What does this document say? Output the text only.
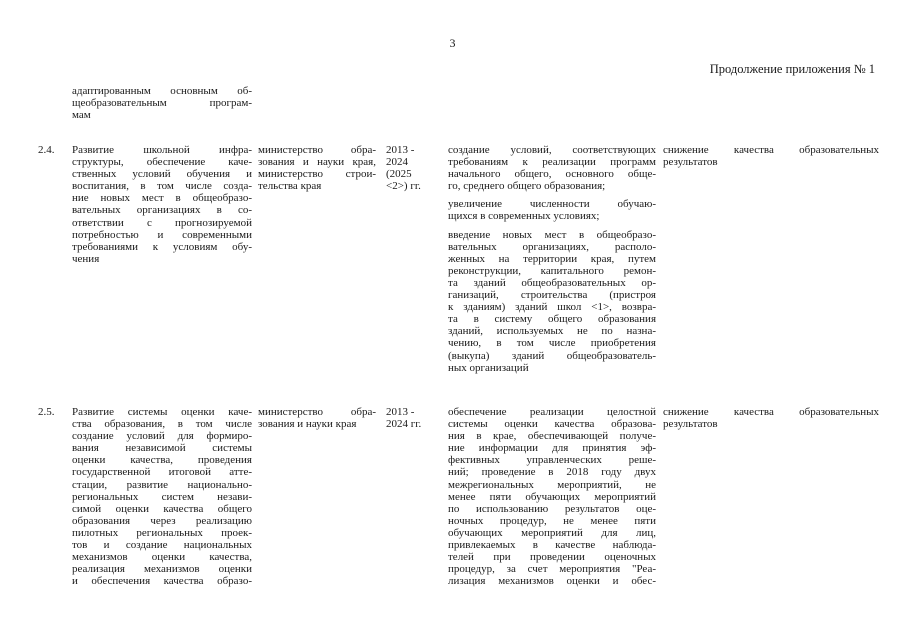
3
Продолжение приложения № 1
адаптированным основным об-
щеобразовательным програм-
мам
2.4.	Развитие школьной инфра-
структуры, обеспечение каче-
ственных условий обучения и
воспитания, в том числе созда-
ние новых мест в общеобразо-
вательных организациях в со-
ответствии с прогнозируемой
потребностью и современными
требованиями к условиям обу-
чения
министерство обра-
зования и науки края,
министерство строи-
тельства края
2013 -
2024
(2025
<2>) гг.
создание условий, соответствующих
требованиям к реализации программ
начального общего, основного обще-
го, среднего общего образования;
увеличение численности обучаю-
щихся в современных условиях;
введение новых мест в общеобразо-
вательных организациях, располо-
женных на территории края, путем
реконструкции, капитального ремон-
та зданий общеобразовательных ор-
ганизаций, строительства (пристроя
к зданиям) зданий школ <1>, возвра-
та в систему общего образования
зданий, используемых не по назна-
чению, в том числе приобретения
(выкупа) зданий общеобразователь-
ных организаций
снижение качества образовательных
результатов
2.5.	Развитие системы оценки каче-
ства образования, в том числе
создание условий для формиро-
вания независимой системы
оценки качества, проведения
государственной итоговой атте-
стации, развитие национально-
региональных систем незави-
симой оценки качества общего
образования через реализацию
пилотных региональных проек-
тов и создание национальных
механизмов оценки качества,
реализация механизмов оценки
и обеспечения качества образо-
министерство обра-
зования и науки края
2013 -
2024 гг.
обеспечение реализации целостной
системы оценки качества образова-
ния в крае, обеспечивающей получе-
ние информации для принятия эф-
фективных управленческих реше-
ний; проведение в 2018 году двух
межрегиональных мероприятий, не
менее пяти обучающих мероприятий
по использованию результатов оце-
ночных процедур, не менее пяти
обучающих мероприятий для лиц,
привлекаемых в качестве наблюда-
телей при проведении оценочных
процедур, за счет мероприятия "Реа-
лизация механизмов оценки и обес-
снижение качества образовательных
результатов
